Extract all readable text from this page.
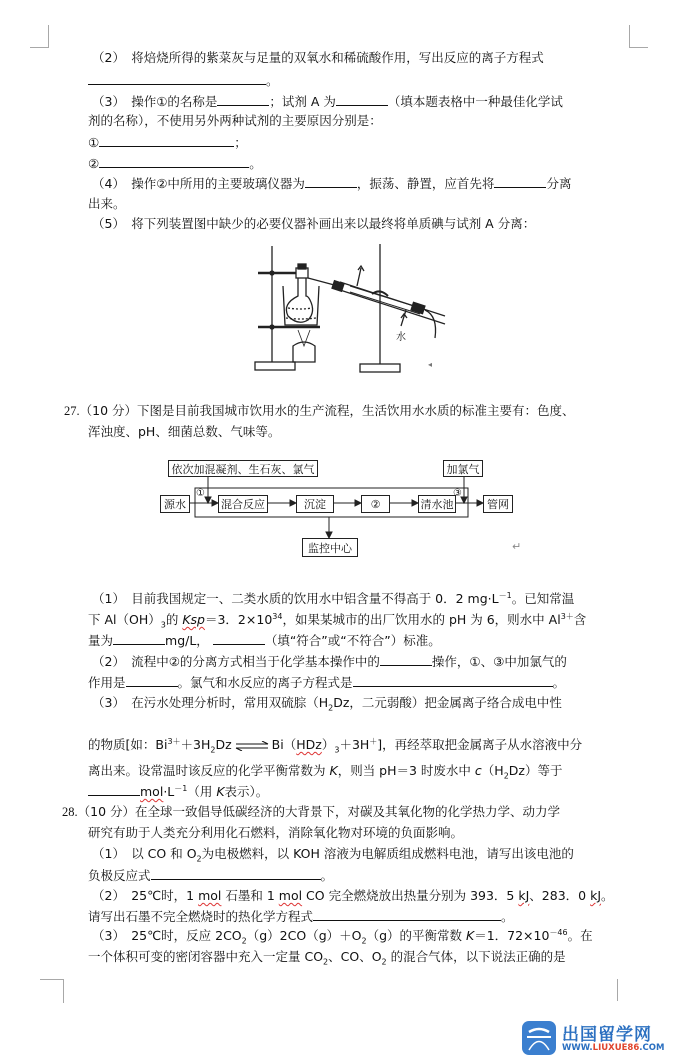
（2）　将焙烧所得的紫菜灰与足量的双氧水和稀硫酸作用，写出反应的离子方程式
。
（3）　操作①的名称是	；试剂 A 为	（填本题表格中一种最佳化学试
剂的名称），不使用另外两种试剂的主要原因分别是：
①	；
②	。
（4）　操作②中所用的主要玻璃仪器为	，振荡、静置，应首先将	分离
出来。
（5）　将下列装置图中缺少的必要仪器补画出来以最终将单质碘与试剂 A 分离：
水
◂
27.（10 分）下图是目前我国城市饮用水的生产流程，生活饮用水水质的标准主要有：色度、
浑浊度、pH、细菌总数、气味等。
依次加混凝剂、生石灰、氯气	加氯气
源水	混合反应	沉淀	②	清水池	管网
监控中心
①	③
↵
（1）　目前我国规定一、二类水质的饮用水中铝含量不得高于 0．2 $mg\cdot L^{-1}$。已知常温
下 $Al(OH)_3$的 Ksp＝3．$2\times 10^{34}$，如果某城市的出厂饮用水的 pH 为 6，则水中 $Al^{3+}$含
量为	mg/L，	（填“符合”或“不符合”）标准。
（2）　流程中②的分离方式相当于化学基本操作中的	操作，①、③中加氯气的
作用是	。氯气和水反应的离子方程式是	。
（3）　在污水处理分析时，常用双硫腙（$H_2Dz$，二元弱酸）把金属离子络合成电中性
的物质[如：$Bi^{3+}+3H_2Dz$ ⇌ $Bi(HDz)_3+3H^+$]，再经萃取把金属离子从水溶液中分
离出来。设常温时该反应的化学平衡常数为 K，则当 pH＝3 时废水中 $c(H_2Dz)$等于
$mol\cdot L^{-1}$（用 K表示）。
28.（10 分）在全球一致倡导低碳经济的大背景下，对碳及其氧化物的化学热力学、动力学
研究有助于人类充分利用化石燃料，消除氧化物对环境的负面影响。
（1）　以 CO 和 $O_2$为电极燃料，以 KOH 溶液为电解质组成燃料电池，请写出该电池的
负极反应式	。
（2）　25℃时，1 mol 石墨和 1 mol CO 完全燃烧放出热量分别为 393．5 kJ、283．0 kJ。
请写出石墨不完全燃烧时的热化学方程式	。
（3）　25℃时，反应 $2CO_2(g)2CO(g)+O_2(g)$的平衡常数 K＝1．$72\times 10^{-46}$。在
一个体积可变的密闭容器中充入一定量 $CO_2$、CO、$O_2$ 的混合气体，以下说法正确的是
出国留学网
WWW.LIUXUE86.COM
